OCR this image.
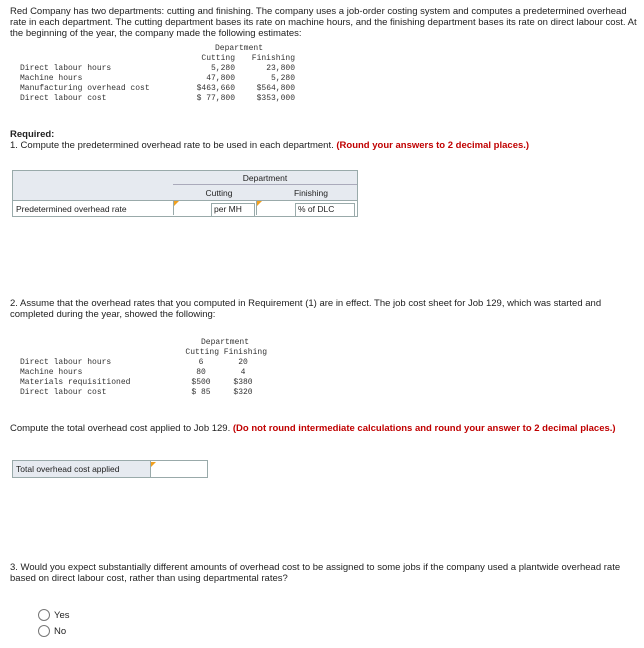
Red Company has two departments: cutting and finishing. The company uses a job-order costing system and computes a predetermined overhead rate in each department. The cutting department bases its rate on machine hours, and the finishing department bases its rate on direct labour cost. At the beginning of the year, the company made the following estimates:
	Department	
	Cutting	Finishing
Direct labour hours	5,280	23,800
Machine hours	47,800	5,280
Manufacturing overhead cost	$463,660	$564,800
Direct labour cost	$ 77,800	$353,000
Required:
1. Compute the predetermined overhead rate to be used in each department. (Round your answers to 2 decimal places.)
Department
Cutting	Finishing
Predetermined overhead rate	per MH	% of DLC
2. Assume that the overhead rates that you computed in Requirement (1) are in effect. The job cost sheet for Job 129, which was started and completed during the year, showed the following:
	Department	
	Cutting	Finishing
Direct labour hours	6	20
Machine hours	80	4
Materials requisitioned	$500	$380
Direct labour cost	$ 85	$320
Compute the total overhead cost applied to Job 129. (Do not round intermediate calculations and round your answer to 2 decimal places.)
Total overhead cost applied
3. Would you expect substantially different amounts of overhead cost to be assigned to some jobs if the company used a plantwide overhead rate based on direct labour cost, rather than using departmental rates?
Yes
No
